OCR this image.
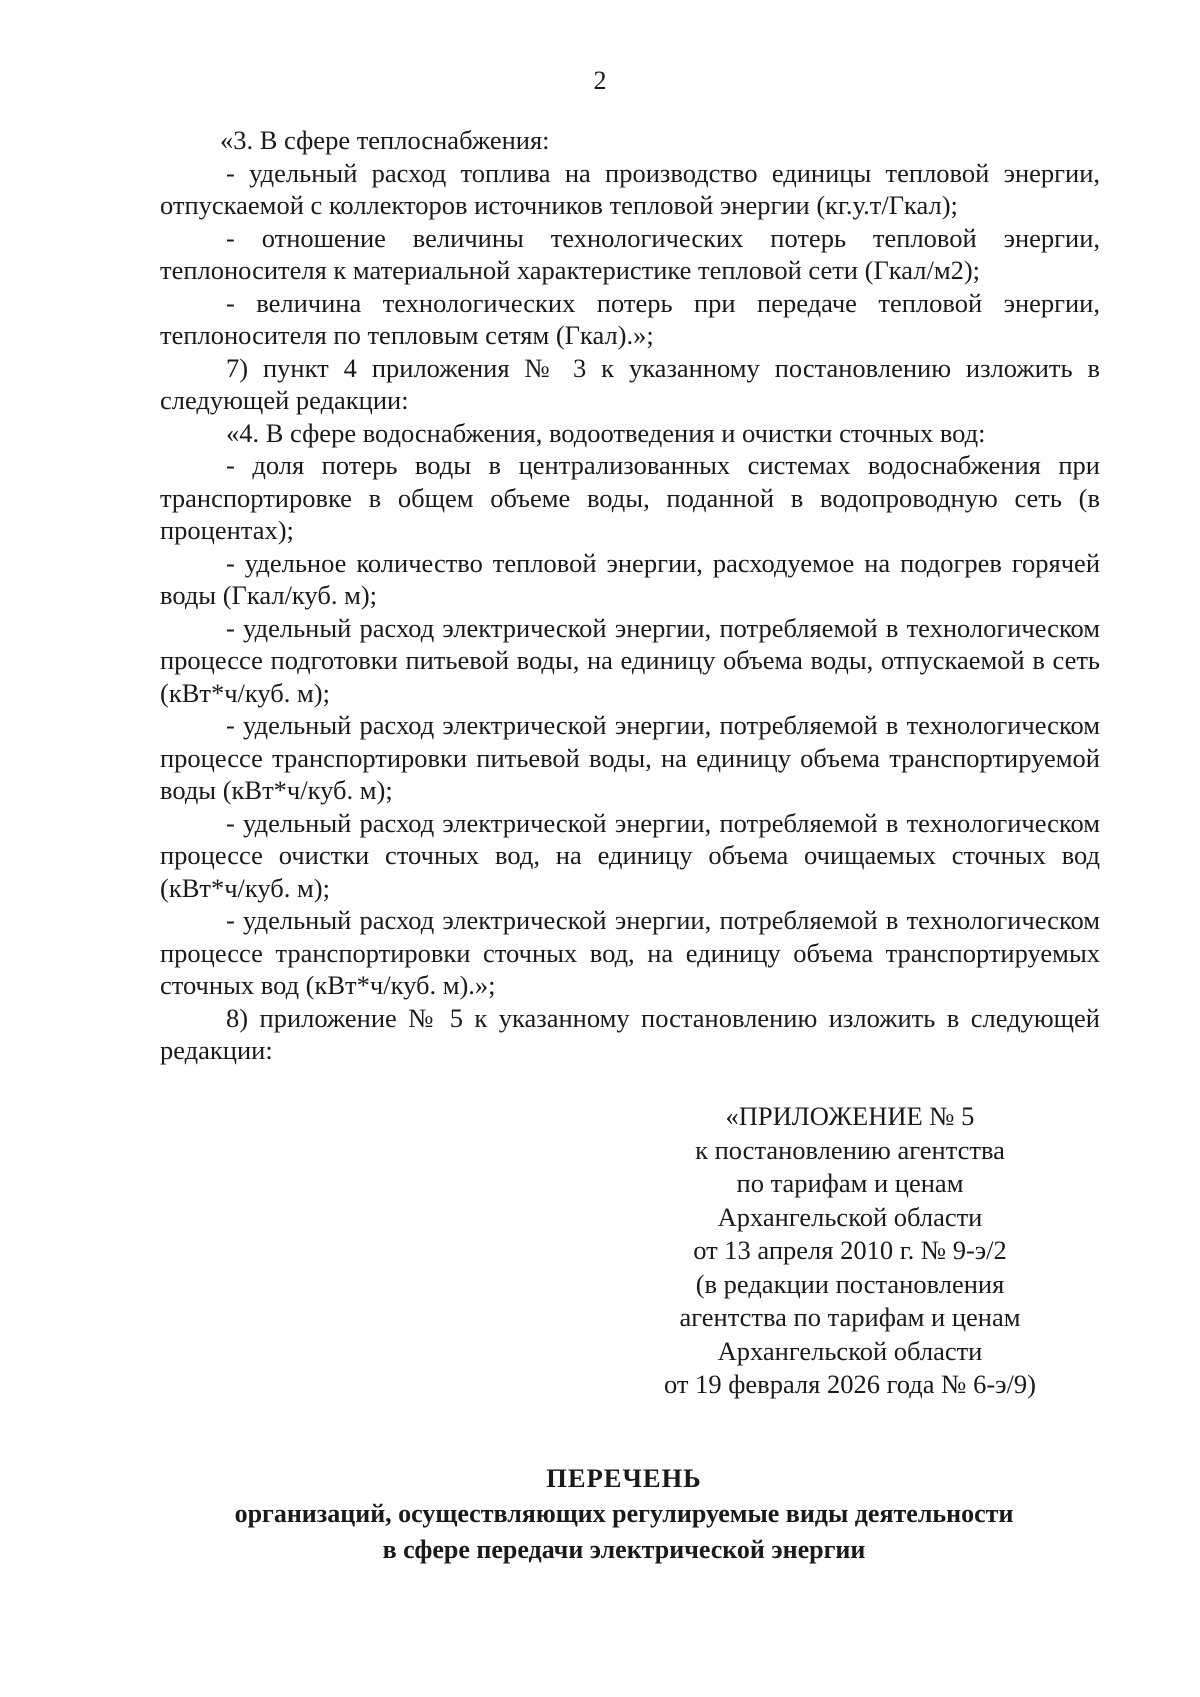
2

«3. В сфере теплоснабжения:

- удельный расход топлива на производство единицы тепловой энергии, отпускаемой с коллекторов источников тепловой энергии (кг.у.т/Гкал);

- отношение величины технологических потерь тепловой энергии, теплоносителя к материальной характеристике тепловой сети (Гкал/м2);

- величина технологических потерь при передаче тепловой энергии, теплоносителя по тепловым сетям (Гкал).»;

7) пункт 4 приложения № 3 к указанному постановлению изложить в следующей редакции:

«4. В сфере водоснабжения, водоотведения и очистки сточных вод:

- доля потерь воды в централизованных системах водоснабжения при транспортировке в общем объеме воды, поданной в водопроводную сеть (в процентах);

- удельное количество тепловой энергии, расходуемое на подогрев горячей воды (Гкал/куб. м);

- удельный расход электрической энергии, потребляемой в технологическом процессе подготовки питьевой воды, на единицу объема воды, отпускаемой в сеть (кВт*ч/куб. м);

- удельный расход электрической энергии, потребляемой в технологическом процессе транспортировки питьевой воды, на единицу объема транспортируемой воды (кВт*ч/куб. м);

- удельный расход электрической энергии, потребляемой в технологическом процессе очистки сточных вод, на единицу объема очищаемых сточных вод (кВт*ч/куб. м);

- удельный расход электрической энергии, потребляемой в технологическом процессе транспортировки сточных вод, на единицу объема транспортируемых сточных вод (кВт*ч/куб. м).»;

8) приложение № 5 к указанному постановлению изложить в следующей редакции:

«ПРИЛОЖЕНИЕ № 5
к постановлению агентства
по тарифам и ценам
Архангельской области
от 13 апреля 2010 г. № 9-э/2
(в редакции постановления
агентства по тарифам и ценам
Архангельской области
от 19 февраля 2026 года № 6-э/9)
ПЕРЕЧЕНЬ
организаций, осуществляющих регулируемые виды деятельности
в сфере передачи электрической энергии
